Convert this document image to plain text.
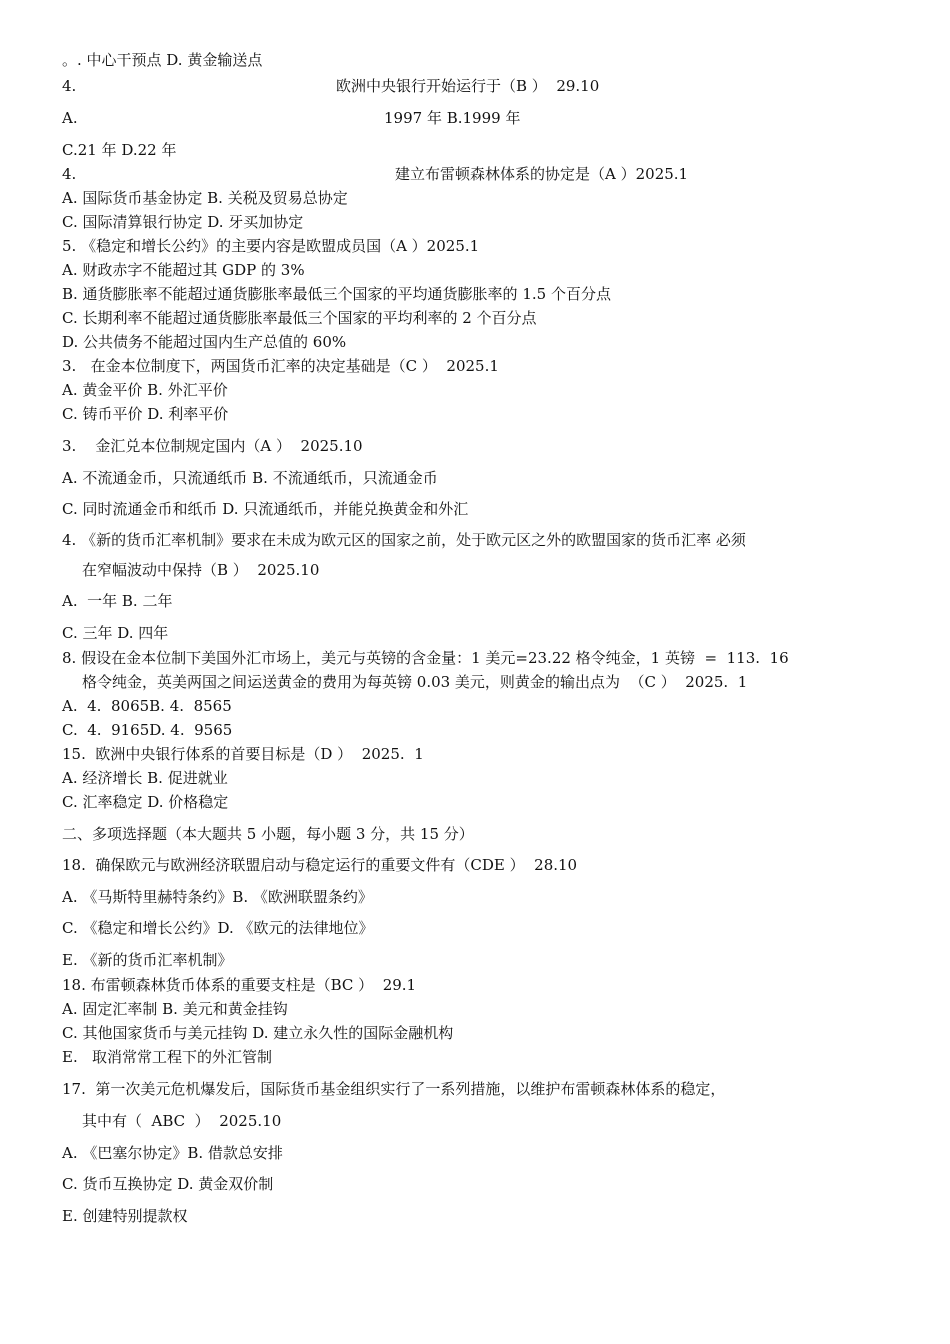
。. 中心干预点 D. 黄金输送点
4.	欧洲中央银行开始运行于（B ）  29.10
A.	1997 年 B.1999 年
C.21 年 D.22 年
4.	建立布雷顿森林体系的协定是（A ）2025.1
A. 国际货币基金协定 B. 关税及贸易总协定
C. 国际清算银行协定 D. 牙买加协定
5. 《稳定和增长公约》的主要内容是欧盟成员国（A ）2025.1
A. 财政赤字不能超过其 GDP 的 3%
B. 通货膨胀率不能超过通货膨胀率最低三个国家的平均通货膨胀率的 1.5 个百分点
C. 长期利率不能超过通货膨胀率最低三个国家的平均利率的 2 个百分点
D. 公共债务不能超过国内生产总值的 60%
3.   在金本位制度下，两国货币汇率的决定基础是（C ）  2025.1
A. 黄金平价 B. 外汇平价
C. 铸币平价 D. 利率平价
3.    金汇兑本位制规定国内（A ）  2025.10
A. 不流通金币，只流通纸币 B. 不流通纸币，只流通金币
C. 同时流通金币和纸币 D. 只流通纸币，并能兑换黄金和外汇
4. 《新的货币汇率机制》要求在未成为欧元区的国家之前，处于欧元区之外的欧盟国家的货币汇率 必须
在窄幅波动中保持（B ）  2025.10
A.  一年 B. 二年
C. 三年 D. 四年
8. 假设在金本位制下美国外汇市场上，美元与英镑的含金量：1 美元=23.22 格令纯金，1 英镑  =  113.  16
格令纯金，英美两国之间运送黄金的费用为每英镑 0.03 美元，则黄金的输出点为  （C ）  2025.  1
A.  4.  8065B. 4.  8565
C.  4.  9165D. 4.  9565
15.  欧洲中央银行体系的首要目标是（D ）  2025.  1
A. 经济增长 B. 促进就业
C. 汇率稳定 D. 价格稳定
二、多项选择题（本大题共 5 小题，每小题 3 分，共 15 分）
18.  确保欧元与欧洲经济联盟启动与稳定运行的重要文件有（CDE ）  28.10
A. 《马斯特里赫特条约》B. 《欧洲联盟条约》
C. 《稳定和增长公约》D. 《欧元的法律地位》
E. 《新的货币汇率机制》
18. 布雷顿森林货币体系的重要支柱是（BC ）  29.1
A. 固定汇率制 B. 美元和黄金挂钩
C. 其他国家货币与美元挂钩 D. 建立永久性的国际金融机构
E.   取消常常工程下的外汇管制
17.  第一次美元危机爆发后，国际货币基金组织实行了一系列措施，以维护布雷顿森林体系的稳定，
其中有（  ABC  ）  2025.10
A. 《巴塞尔协定》B. 借款总安排
C. 货币互换协定 D. 黄金双价制
E. 创建特别提款权
